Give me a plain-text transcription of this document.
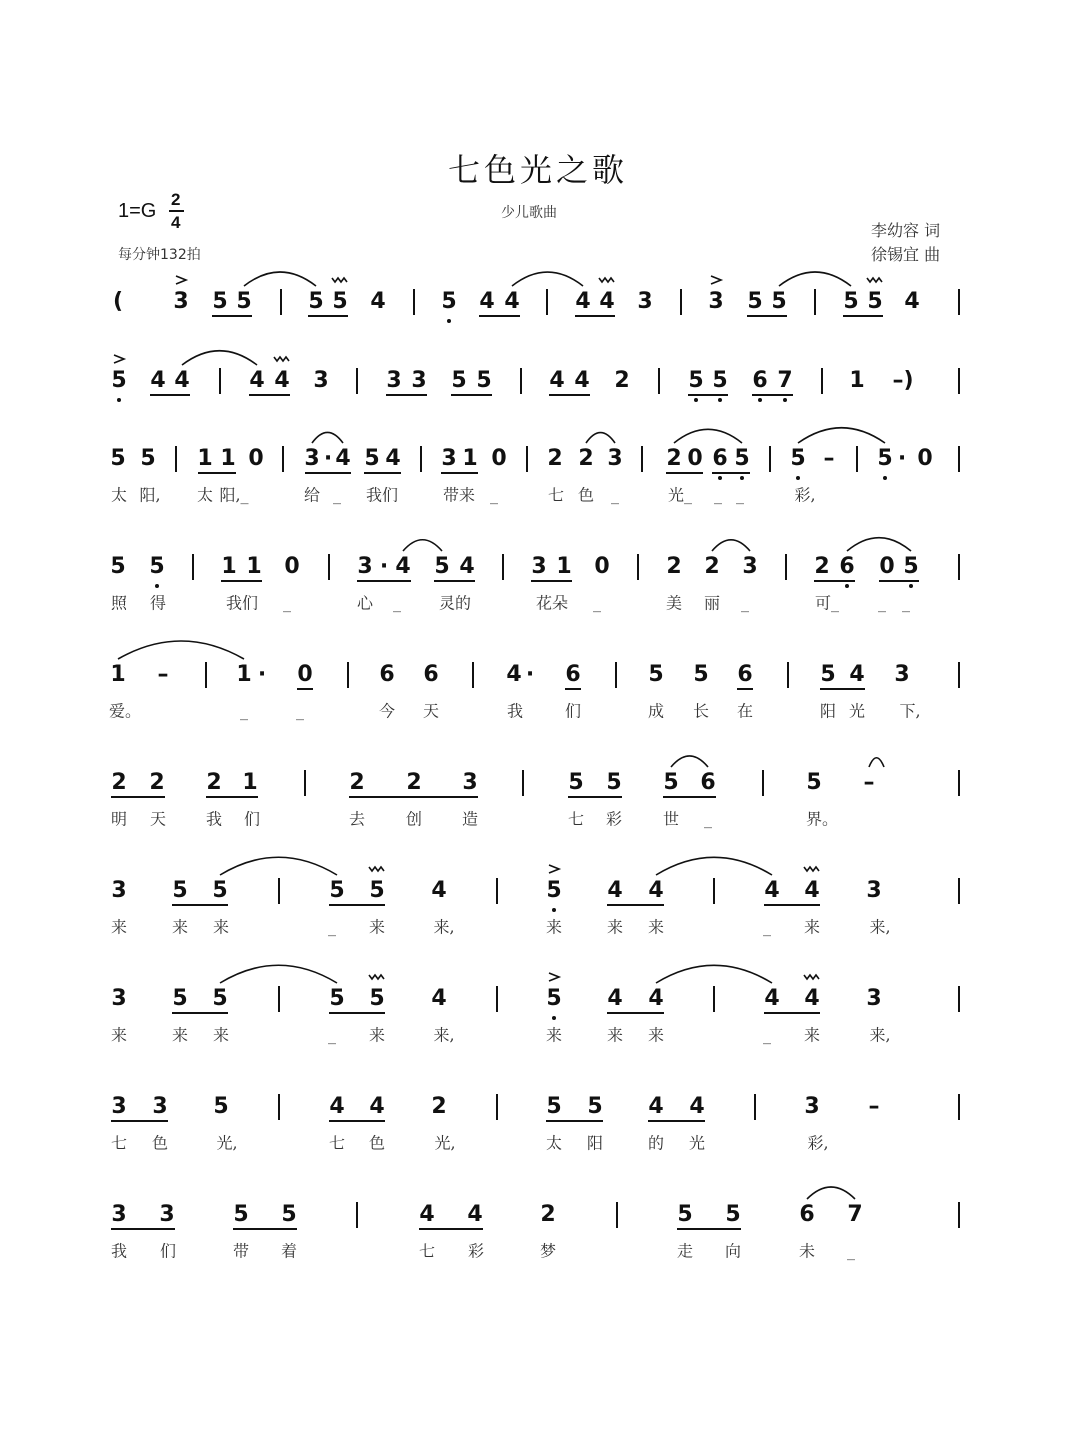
七色光之歌
少儿歌曲
1=G
2
4
每分钟132拍
李幼容 词
徐锡宜 曲
( 3 5 5	5 5 4	5 4 4	4 4 3	3 5 5	5 5 4
5 4 4	4 4 3	3 3 5 5	4 4 2	5 5 6 7	1 –)
5 5 1 1 0 3 · 4 5 4 3 1 0 2 2 3 2 0 6 5 5 – 5 · 0
太 阳, 太 阳,_	给 _ 我们	带来 _	七 色 _	光_ _ _	彩,
5 5	1 1 0	3 · 4 5 4	3 1 0	2 2 3	2 6 0 5
照 得	我们 _	心 _ 灵的	花朵 _	美 丽 _	可_ _ _
1 –	1 · 0	6 6	4 · 6	5 5 6	5 4 3
爱。	_	_	今 天	我	们	成 长 在	阳 光 下,
2 2 2 1	2 2 3	5 5 5 6	5 –
明 天 我 们	去	创 造	七 彩	世 _	界。
3 5 5	5 5 4	5 4 4	4 4 3
来	来 来	_ 来	来,	来	来 来	_ 来	来,
3 5 5	5 5 4	5 4 4	4 4 3
来	来 来	_ 来	来,	来	来 来	_ 来	来,
3 3 5	4 4 2	5 5 4 4	3 –
七 色	光,	七 色	光,	太 阳	的 光	彩,
3 3	5 5	4 4	2	5 5	6 7
我 们	带 着	七 彩	梦	走 向	未 _
